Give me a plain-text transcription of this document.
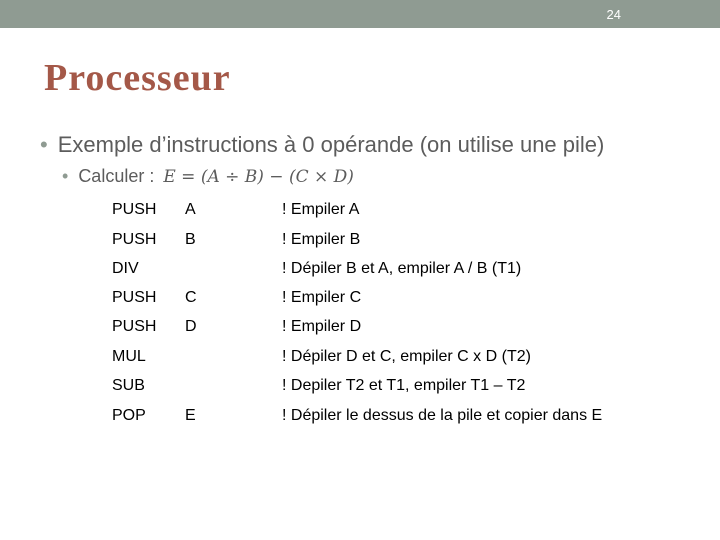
24
Processeur
• Exemple d’instructions à 0 opérande (on utilise une pile)
• Calculer : E = (A ÷ B) − (C × D)
PUSH A	! Empiler A
PUSH B	! Empiler B
DIV	! Dépiler B et A, empiler A / B (T1)
PUSH C	! Empiler C
PUSH D	! Empiler D
MUL	! Dépiler D et C, empiler C x D (T2)
SUB	! Depiler T2 et T1, empiler T1 – T2
POP E	! Dépiler le dessus de la pile et copier dans E
